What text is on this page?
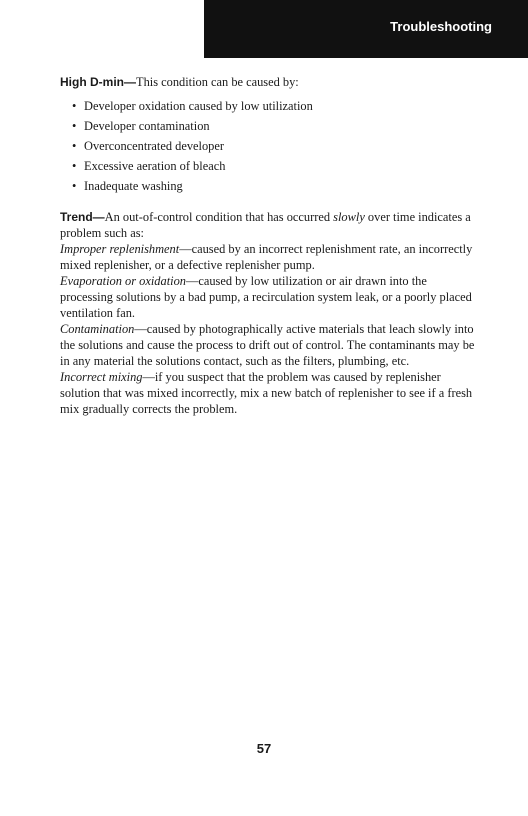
Troubleshooting

High D-min—This condition can be caused by:

• Developer oxidation caused by low utilization
• Developer contamination
• Overconcentrated developer
• Excessive aeration of bleach
• Inadequate washing

Trend—An out-of-control condition that has occurred slowly over time indicates a problem such as:

Improper replenishment—caused by an incorrect replenishment rate, an incorrectly mixed replenisher, or a defective replenisher pump.

Evaporation or oxidation—caused by low utilization or air drawn into the processing solutions by a bad pump, a recirculation system leak, or a poorly placed ventilation fan.

Contamination—caused by photographically active materials that leach slowly into the solutions and cause the process to drift out of control. The contaminants may be in any material the solutions contact, such as the filters, plumbing, etc.

Incorrect mixing—if you suspect that the problem was caused by replenisher solution that was mixed incorrectly, mix a new batch of replenisher to see if a fresh mix gradually corrects the problem.

57
